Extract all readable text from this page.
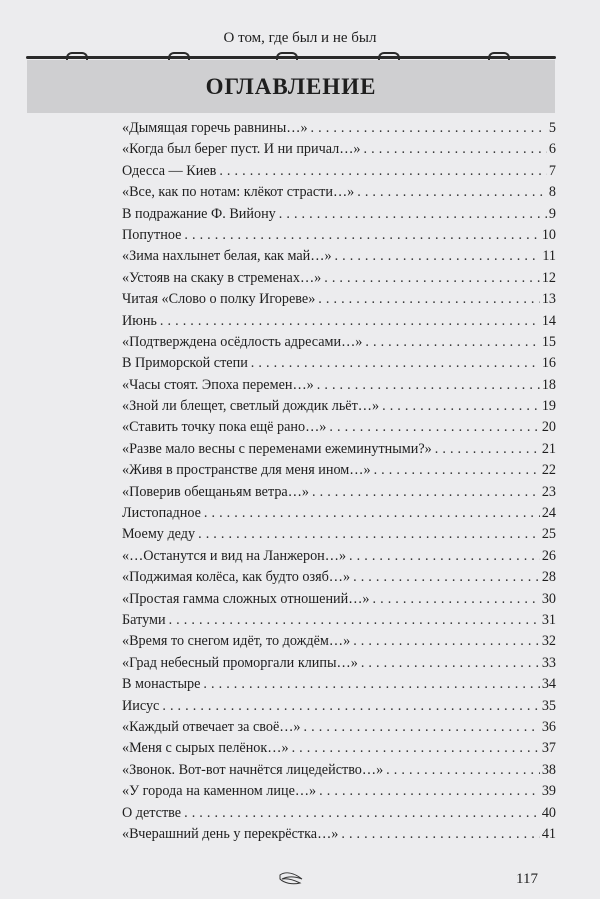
О том, где был и не был
ОГЛАВЛЕНИЕ
«Дымящая горечь равнины…» . . .	5
«Когда был берег пуст. И ни причал…» . . .	6
Одесса — Киев . . .	7
«Все, как по нотам: клёкот страсти…» . . .	8
В подражание Ф. Вийону . . .	9
Попутное . . .	10
«Зима нахлынет белая, как май…» . . .	11
«Устояв на скаку в стременах…» . . .	12
Читая «Слово о полку Игореве» . . .	13
Июнь . . .	14
«Подтверждена осёдлость адресами…» . . .	15
В Приморской степи . . .	16
«Часы стоят. Эпоха перемен…» . . .	18
«Зной ли блещет, светлый дождик льёт…» . . .	19
«Ставить точку пока ещё рано…» . . .	20
«Разве мало весны с переменами ежеминутными?» . . .	21
«Живя в пространстве для меня ином…» . . .	22
«Поверив обещаньям ветра…» . . .	23
Листопадное . . .	24
Моему деду . . .	25
«…Останутся и вид на Ланжерон…» . . .	26
«Поджимая колёса, как будто озяб…» . . .	28
«Простая гамма сложных отношений…» . . .	30
Батуми . . .	31
«Время то снегом идёт, то дождём…» . . .	32
«Град небесный проморгали клипы…» . . .	33
В монастыре . . .	34
Иисус . . .	35
«Каждый отвечает за своё…» . . .	36
«Меня с сырых пелёнок…» . . .	37
«Звонок. Вот-вот начнётся лицедейство…» . . .	38
«У города на каменном лице…» . . .	39
О детстве . . .	40
«Вчерашний день у перекрёстка…» . . .	41
117
